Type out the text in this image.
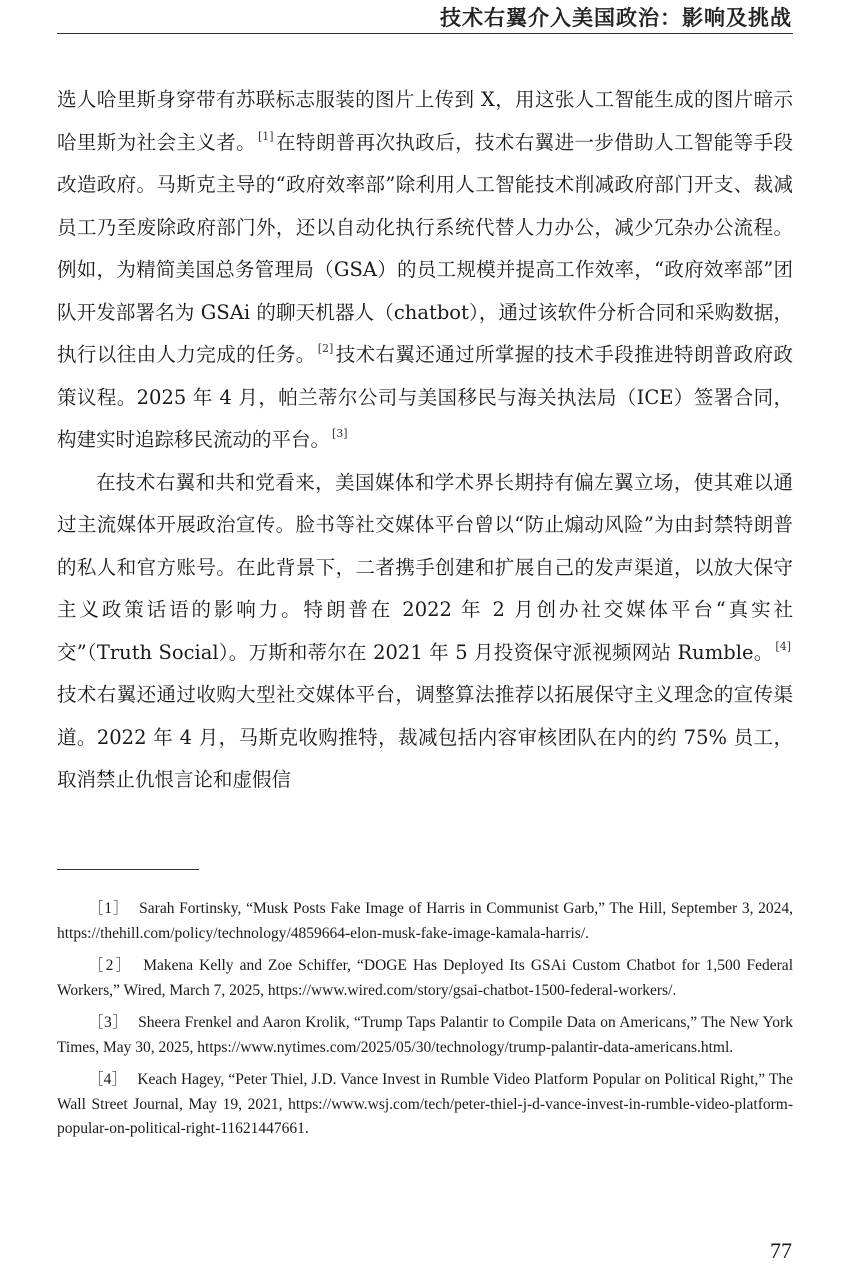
技术右翼介入美国政治：影响及挑战

选人哈里斯身穿带有苏联标志服装的图片上传到 X，用这张人工智能生成的图片暗示哈里斯为社会主义者。 [1] 在特朗普再次执政后，技术右翼进一步借助人工智能等手段改造政府。马斯克主导的“政府效率部”除利用人工智能技术削减政府部门开支、裁减员工乃至废除政府部门外，还以自动化执行系统代替人力办公，减少冗杂办公流程。例如，为精简美国总务管理局（GSA）的员工规模并提高工作效率，“政府效率部”团队开发部署名为 GSAi 的聊天机器人（chatbot），通过该软件分析合同和采购数据，执行以往由人力完成的任务。 [2] 技术右翼还通过所掌握的技术手段推进特朗普政府政策议程。2025 年 4 月，帕兰蒂尔公司与美国移民与海关执法局（ICE）签署合同，构建实时追踪移民流动的平台。 [3]

在技术右翼和共和党看来，美国媒体和学术界长期持有偏左翼立场，使其难以通过主流媒体开展政治宣传。脸书等社交媒体平台曾以“防止煽动风险”为由封禁特朗普的私人和官方账号。在此背景下，二者携手创建和扩展自己的发声渠道，以放大保守主义政策话语的影响力。特朗普在 2022 年 2 月创办社交媒体平台“真实社交”（Truth Social）。万斯和蒂尔在 2021 年 5 月投资保守派视频网站 Rumble。 [4]技术右翼还通过收购大型社交媒体平台，调整算法推荐以拓展保守主义理念的宣传渠道。2022 年 4 月，马斯克收购推特，裁减包括内容审核团队在内的约 75% 员工，取消禁止仇恨言论和虚假信

［1］ Sarah Fortinsky, “Musk Posts Fake Image of Harris in Communist Garb,” The Hill, September 3, 2024, https://thehill.com/policy/technology/4859664-elon-musk-fake-image-kamala-harris/.

［2］ Makena Kelly and Zoe Schiffer, “DOGE Has Deployed Its GSAi Custom Chatbot for 1,500 Federal Workers,” Wired, March 7, 2025, https://www.wired.com/story/gsai-chatbot-1500-federal-workers/.

［3］ Sheera Frenkel and Aaron Krolik, “Trump Taps Palantir to Compile Data on Americans,” The New York Times, May 30, 2025, https://www.nytimes.com/2025/05/30/technology/trump-palantir-data-americans.html.

［4］ Keach Hagey, “Peter Thiel, J.D. Vance Invest in Rumble Video Platform Popular on Political Right,” The Wall Street Journal, May 19, 2021, https://www.wsj.com/tech/peter-thiel-j-d-vance-invest-in-rumble-video-platform-popular-on-political-right-11621447661.

77
